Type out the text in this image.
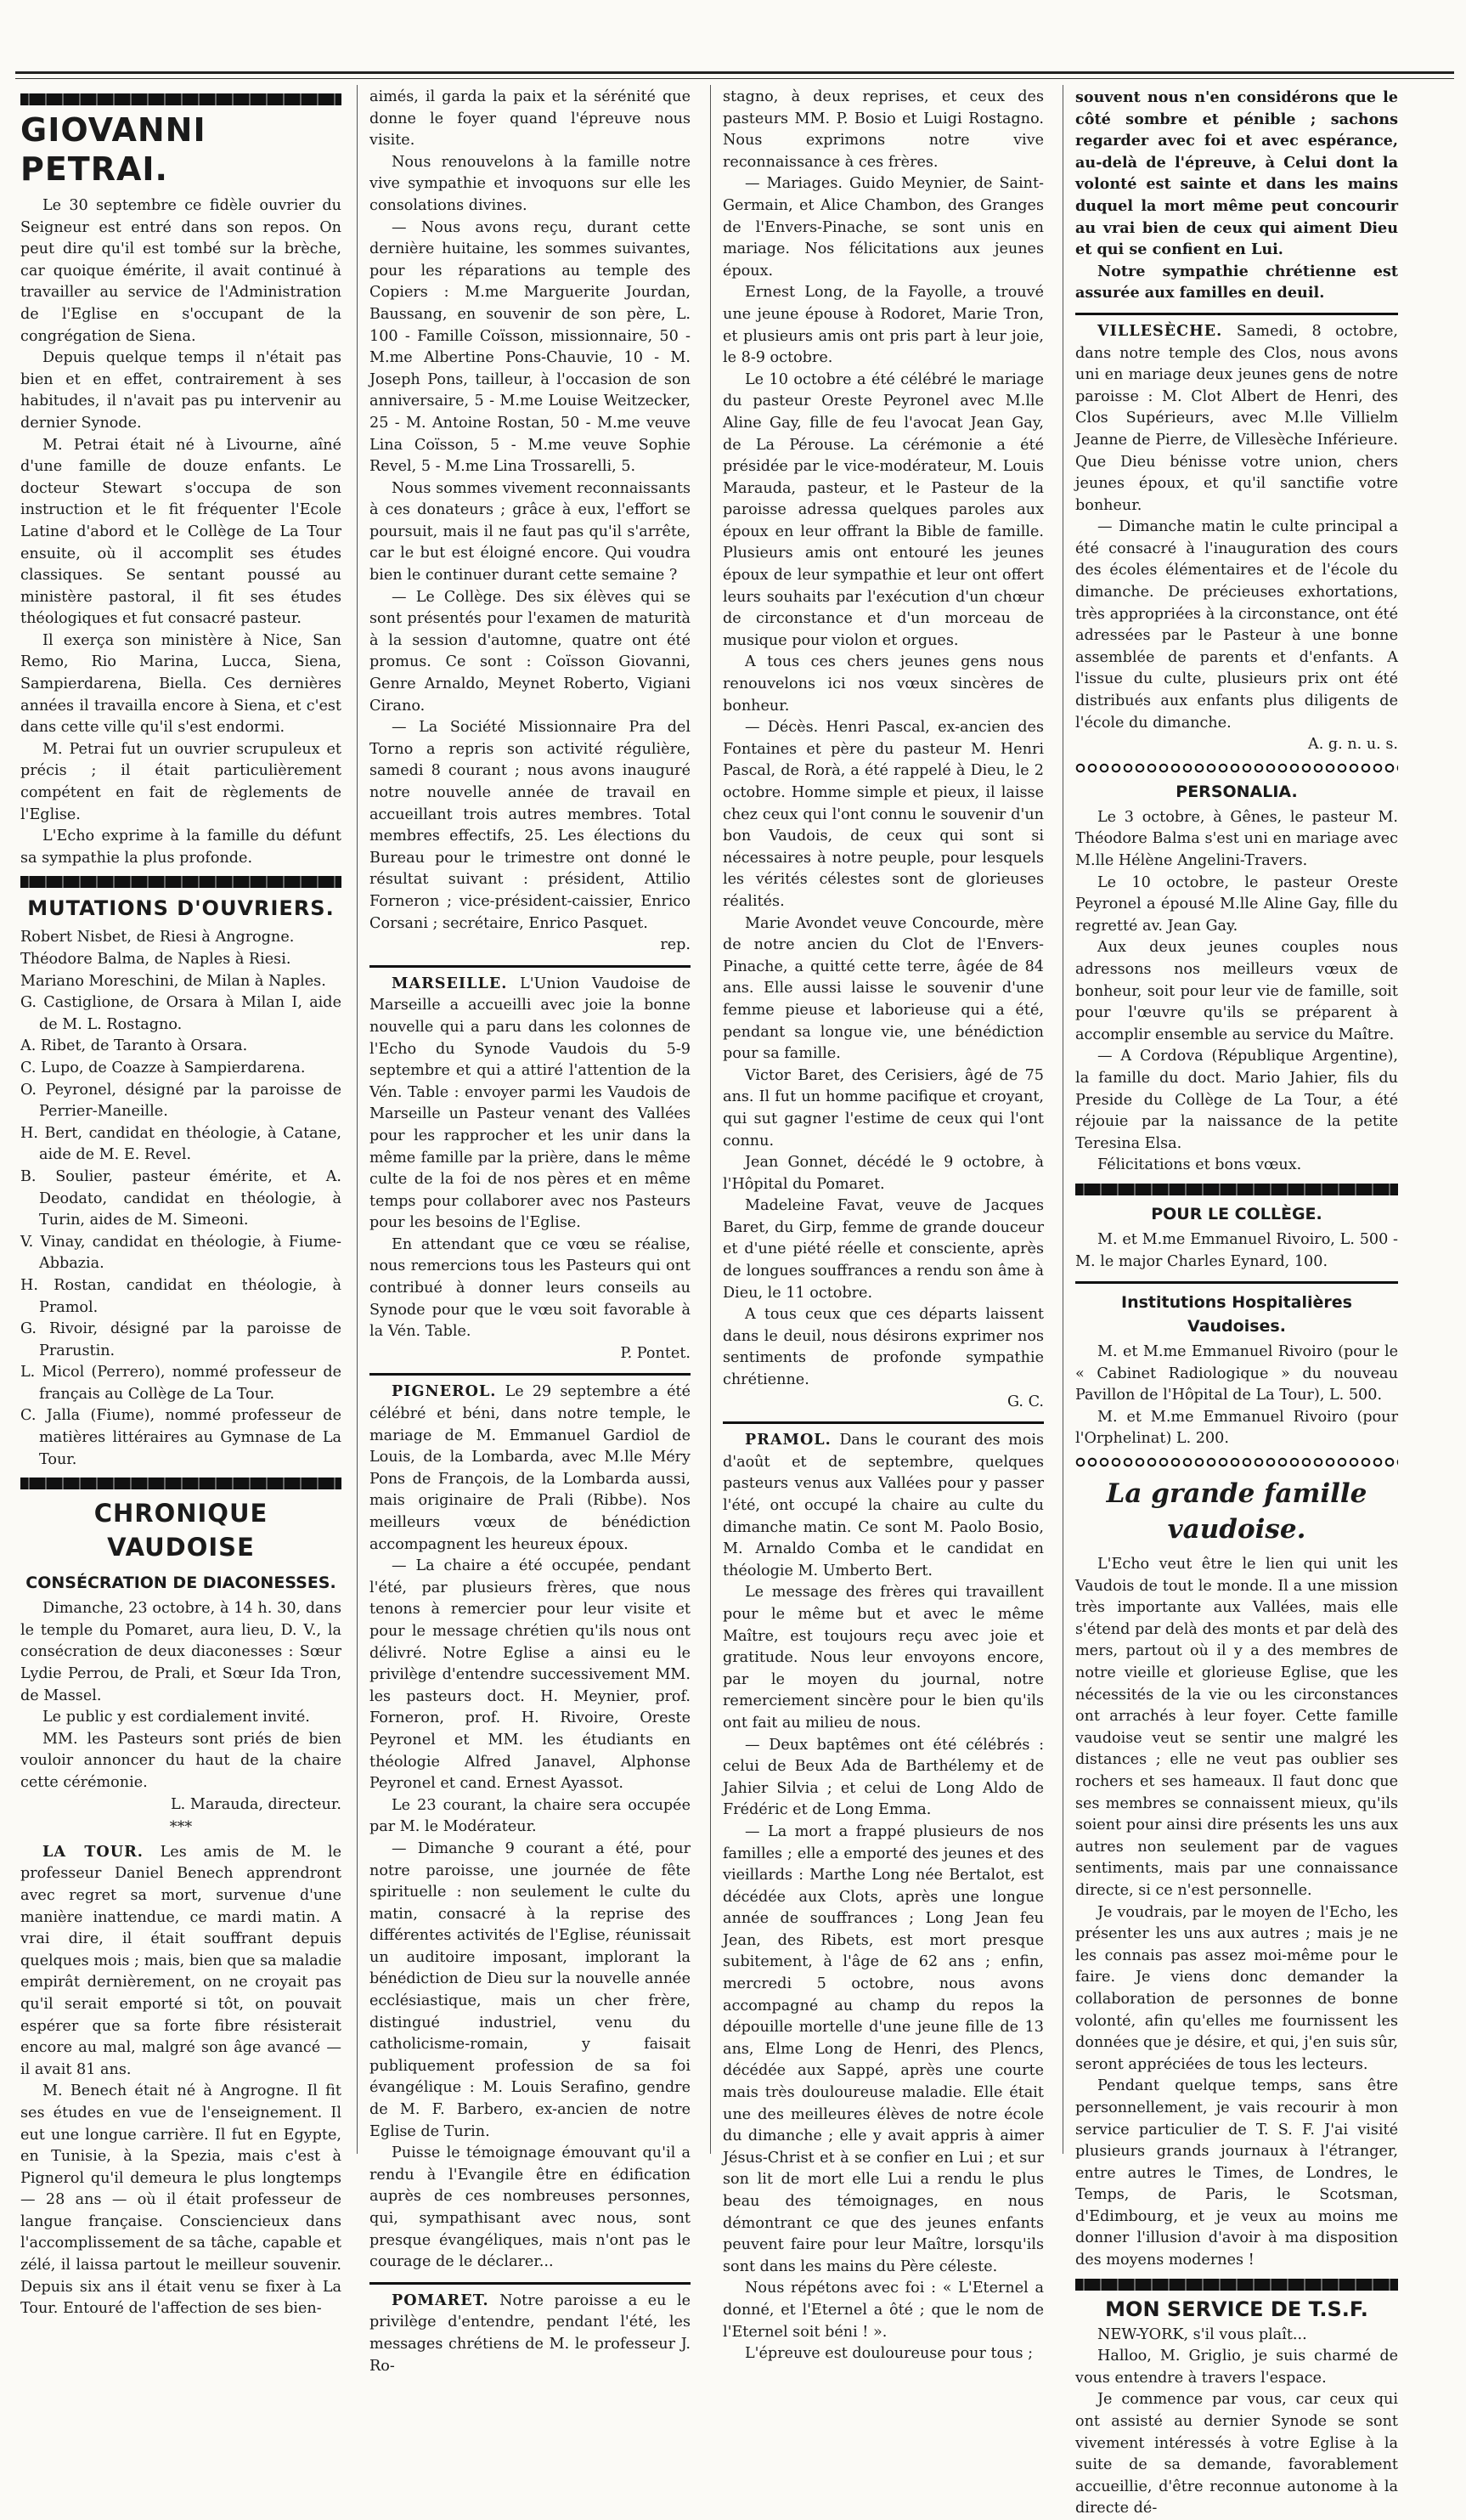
GIOVANNI PETRAI.

Le 30 septembre ce fidèle ouvrier du Seigneur est entré dans son repos. On peut dire qu'il est tombé sur la brèche, car quoique émérite, il avait continué à travailler au service de l'Administration de l'Eglise en s'occupant de la congrégation de Siena.

Depuis quelque temps il n'était pas bien et en effet, contrairement à ses habitudes, il n'avait pas pu intervenir au dernier Synode.

M. Petrai était né à Livourne, aîné d'une famille de douze enfants. Le docteur Stewart s'occupa de son instruction et le fit fréquenter l'Ecole Latine d'abord et le Collège de La Tour ensuite, où il accomplit ses études classiques. Se sentant poussé au ministère pastoral, il fit ses études théologiques et fut consacré pasteur.

Il exerça son ministère à Nice, San Remo, Rio Marina, Lucca, Siena, Sampierdarena, Biella. Ces dernières années il travailla encore à Siena, et c'est dans cette ville qu'il s'est endormi.

M. Petrai fut un ouvrier scrupuleux et précis ; il était particulièrement compétent en fait de règlements de l'Eglise.

L'Echo exprime à la famille du défunt sa sympathie la plus profonde.

MUTATIONS D'OUVRIERS.

Robert Nisbet, de Riesi à Angrogne.

Théodore Balma, de Naples à Riesi.

Mariano Moreschini, de Milan à Naples.

G. Castiglione, de Orsara à Milan I, aide de M. L. Rostagno.

A. Ribet, de Taranto à Orsara.

C. Lupo, de Coazze à Sampierdarena.

O. Peyronel, désigné par la paroisse de Perrier-Maneille.

H. Bert, candidat en théologie, à Catane, aide de M. E. Revel.

B. Soulier, pasteur émérite, et A. Deodato, candidat en théologie, à Turin, aides de M. Simeoni.

V. Vinay, candidat en théologie, à Fiume-Abbazia.

H. Rostan, candidat en théologie, à Pramol.

G. Rivoir, désigné par la paroisse de Prarustin.

L. Micol (Perrero), nommé professeur de français au Collège de La Tour.

C. Jalla (Fiume), nommé professeur de matières littéraires au Gymnase de La Tour.

CHRONIQUE VAUDOISE
CONSÉCRATION DE DIACONESSES.

Dimanche, 23 octobre, à 14 h. 30, dans le temple du Pomaret, aura lieu, D. V., la consécration de deux diaconesses : Sœur Lydie Perrou, de Prali, et Sœur Ida Tron, de Massel.

Le public y est cordialement invité.

MM. les Pasteurs sont priés de bien vouloir annoncer du haut de la chaire cette cérémonie.

L. Marauda, directeur.

***

LA TOUR. Les amis de M. le professeur Daniel Benech apprendront avec regret sa mort, survenue d'une manière inattendue, ce mardi matin. A vrai dire, il était souffrant depuis quelques mois ; mais, bien que sa maladie empirât dernièrement, on ne croyait pas qu'il serait emporté si tôt, on pouvait espérer que sa forte fibre résisterait encore au mal, malgré son âge avancé — il avait 81 ans.

M. Benech était né à Angrogne. Il fit ses études en vue de l'enseignement. Il eut une longue carrière. Il fut en Egypte, en Tunisie, à la Spezia, mais c'est à Pignerol qu'il demeura le plus longtemps — 28 ans — où il était professeur de langue française. Consciencieux dans l'accomplissement de sa tâche, capable et zélé, il laissa partout le meilleur souvenir. Depuis six ans il était venu se fixer à La Tour. Entouré de l'affection de ses bien-

aimés, il garda la paix et la sérénité que donne le foyer quand l'épreuve nous visite.

Nous renouvelons à la famille notre vive sympathie et invoquons sur elle les consolations divines.

— Nous avons reçu, durant cette dernière huitaine, les sommes suivantes, pour les réparations au temple des Copiers : M.me Marguerite Jourdan, Baussang, en souvenir de son père, L. 100 - Famille Coïsson, missionnaire, 50 - M.me Albertine Pons-Chauvie, 10 - M. Joseph Pons, tailleur, à l'occasion de son anniversaire, 5 - M.me Louise Weitzecker, 25 - M. Antoine Rostan, 50 - M.me veuve Lina Coïsson, 5 - M.me veuve Sophie Revel, 5 - M.me Lina Trossarelli, 5.

Nous sommes vivement reconnaissants à ces donateurs ; grâce à eux, l'effort se poursuit, mais il ne faut pas qu'il s'arrête, car le but est éloigné encore. Qui voudra bien le continuer durant cette semaine ?

— Le Collège. Des six élèves qui se sont présentés pour l'examen de maturità à la session d'automne, quatre ont été promus. Ce sont : Coïsson Giovanni, Genre Arnaldo, Meynet Roberto, Vigiani Cirano.

— La Société Missionnaire Pra del Torno a repris son activité régulière, samedi 8 courant ; nous avons inauguré notre nouvelle année de travail en accueillant trois autres membres. Total membres effectifs, 25. Les élections du Bureau pour le trimestre ont donné le résultat suivant : président, Attilio Forneron ; vice-président-caissier, Enrico Corsani ; secrétaire, Enrico Pasquet.

rep.

MARSEILLE. L'Union Vaudoise de Marseille a accueilli avec joie la bonne nouvelle qui a paru dans les colonnes de l'Echo du Synode Vaudois du 5-9 septembre et qui a attiré l'attention de la Vén. Table : envoyer parmi les Vaudois de Marseille un Pasteur venant des Vallées pour les rapprocher et les unir dans la même famille par la prière, dans le même culte de la foi de nos pères et en même temps pour collaborer avec nos Pasteurs pour les besoins de l'Eglise.

En attendant que ce vœu se réalise, nous remercions tous les Pasteurs qui ont contribué à donner leurs conseils au Synode pour que le vœu soit favorable à la Vén. Table.

P. Pontet.

PIGNEROL. Le 29 septembre a été célébré et béni, dans notre temple, le mariage de M. Emmanuel Gardiol de Louis, de la Lombarda, avec M.lle Méry Pons de François, de la Lombarda aussi, mais originaire de Prali (Ribbe). Nos meilleurs vœux de bénédiction accompagnent les heureux époux.

— La chaire a été occupée, pendant l'été, par plusieurs frères, que nous tenons à remercier pour leur visite et pour le message chrétien qu'ils nous ont délivré. Notre Eglise a ainsi eu le privilège d'entendre successivement MM. les pasteurs doct. H. Meynier, prof. Forneron, prof. H. Rivoire, Oreste Peyronel et MM. les étudiants en théologie Alfred Janavel, Alphonse Peyronel et cand. Ernest Ayassot.

Le 23 courant, la chaire sera occupée par M. le Modérateur.

— Dimanche 9 courant a été, pour notre paroisse, une journée de fête spirituelle : non seulement le culte du matin, consacré à la reprise des différentes activités de l'Eglise, réunissait un auditoire imposant, implorant la bénédiction de Dieu sur la nouvelle année ecclésiastique, mais un cher frère, distingué industriel, venu du catholicisme-romain, y faisait publiquement profession de sa foi évangélique : M. Louis Serafino, gendre de M. F. Barbero, ex-ancien de notre Eglise de Turin.

Puisse le témoignage émouvant qu'il a rendu à l'Evangile être en édification auprès de ces nombreuses personnes, qui, sympathisant avec nous, sont presque évangéliques, mais n'ont pas le courage de le déclarer...

POMARET. Notre paroisse a eu le privilège d'entendre, pendant l'été, les messages chrétiens de M. le professeur J. Ro-

stagno, à deux reprises, et ceux des pasteurs MM. P. Bosio et Luigi Rostagno. Nous exprimons notre vive reconnaissance à ces frères.

— Mariages. Guido Meynier, de Saint-Germain, et Alice Chambon, des Granges de l'Envers-Pinache, se sont unis en mariage. Nos félicitations aux jeunes époux.

Ernest Long, de la Fayolle, a trouvé une jeune épouse à Rodoret, Marie Tron, et plusieurs amis ont pris part à leur joie, le 8-9 octobre.

Le 10 octobre a été célébré le mariage du pasteur Oreste Peyronel avec M.lle Aline Gay, fille de feu l'avocat Jean Gay, de La Pérouse. La cérémonie a été présidée par le vice-modérateur, M. Louis Marauda, pasteur, et le Pasteur de la paroisse adressa quelques paroles aux époux en leur offrant la Bible de famille. Plusieurs amis ont entouré les jeunes époux de leur sympathie et leur ont offert leurs souhaits par l'exécution d'un chœur de circonstance et d'un morceau de musique pour violon et orgues.

A tous ces chers jeunes gens nous renouvelons ici nos vœux sincères de bonheur.

— Décès. Henri Pascal, ex-ancien des Fontaines et père du pasteur M. Henri Pascal, de Rorà, a été rappelé à Dieu, le 2 octobre. Homme simple et pieux, il laisse chez ceux qui l'ont connu le souvenir d'un bon Vaudois, de ceux qui sont si nécessaires à notre peuple, pour lesquels les vérités célestes sont de glorieuses réalités.

Marie Avondet veuve Concourde, mère de notre ancien du Clot de l'Envers-Pinache, a quitté cette terre, âgée de 84 ans. Elle aussi laisse le souvenir d'une femme pieuse et laborieuse qui a été, pendant sa longue vie, une bénédiction pour sa famille.

Victor Baret, des Cerisiers, âgé de 75 ans. Il fut un homme pacifique et croyant, qui sut gagner l'estime de ceux qui l'ont connu.

Jean Gonnet, décédé le 9 octobre, à l'Hôpital du Pomaret.

Madeleine Favat, veuve de Jacques Baret, du Girp, femme de grande douceur et d'une piété réelle et consciente, après de longues souffrances a rendu son âme à Dieu, le 11 octobre.

A tous ceux que ces départs laissent dans le deuil, nous désirons exprimer nos sentiments de profonde sympathie chrétienne.

G. C.

PRAMOL. Dans le courant des mois d'août et de septembre, quelques pasteurs venus aux Vallées pour y passer l'été, ont occupé la chaire au culte du dimanche matin. Ce sont M. Paolo Bosio, M. Arnaldo Comba et le candidat en théologie M. Umberto Bert.

Le message des frères qui travaillent pour le même but et avec le même Maître, est toujours reçu avec joie et gratitude. Nous leur envoyons encore, par le moyen du journal, notre remerciement sincère pour le bien qu'ils ont fait au milieu de nous.

— Deux baptêmes ont été célébrés : celui de Beux Ada de Barthélemy et de Jahier Silvia ; et celui de Long Aldo de Frédéric et de Long Emma.

— La mort a frappé plusieurs de nos familles ; elle a emporté des jeunes et des vieillards : Marthe Long née Bertalot, est décédée aux Clots, après une longue année de souffrances ; Long Jean feu Jean, des Ribets, est mort presque subitement, à l'âge de 62 ans ; enfin, mercredi 5 octobre, nous avons accompagné au champ du repos la dépouille mortelle d'une jeune fille de 13 ans, Elme Long de Henri, des Plencs, décédée aux Sappé, après une courte mais très douloureuse maladie. Elle était une des meilleures élèves de notre école du dimanche ; elle y avait appris à aimer Jésus-Christ et à se confier en Lui ; et sur son lit de mort elle Lui a rendu le plus beau des témoignages, en nous démontrant ce que des jeunes enfants peuvent faire pour leur Maître, lorsqu'ils sont dans les mains du Père céleste.

Nous répétons avec foi : « L'Eternel a donné, et l'Eternel a ôté ; que le nom de l'Eternel soit béni ! ».

L'épreuve est douloureuse pour tous ;

souvent nous n'en considérons que le côté sombre et pénible ; sachons regarder avec foi et avec espérance, au-delà de l'épreuve, à Celui dont la volonté est sainte et dans les mains duquel la mort même peut concourir au vrai bien de ceux qui aiment Dieu et qui se confient en Lui.

Notre sympathie chrétienne est assurée aux familles en deuil.

VILLESÈCHE. Samedi, 8 octobre, dans notre temple des Clos, nous avons uni en mariage deux jeunes gens de notre paroisse : M. Clot Albert de Henri, des Clos Supérieurs, avec M.lle Villielm Jeanne de Pierre, de Villesèche Inférieure. Que Dieu bénisse votre union, chers jeunes époux, et qu'il sanctifie votre bonheur.

— Dimanche matin le culte principal a été consacré à l'inauguration des cours des écoles élémentaires et de l'école du dimanche. De précieuses exhortations, très appropriées à la circonstance, ont été adressées par le Pasteur à une bonne assemblée de parents et d'enfants. A l'issue du culte, plusieurs prix ont été distribués aux enfants plus diligents de l'école du dimanche.

A. g. n. u. s.

PERSONALIA.

Le 3 octobre, à Gênes, le pasteur M. Théodore Balma s'est uni en mariage avec M.lle Hélène Angelini-Travers.

Le 10 octobre, le pasteur Oreste Peyronel a épousé M.lle Aline Gay, fille du regretté av. Jean Gay.

Aux deux jeunes couples nous adressons nos meilleurs vœux de bonheur, soit pour leur vie de famille, soit pour l'œuvre qu'ils se préparent à accomplir ensemble au service du Maître.

— A Cordova (République Argentine), la famille du doct. Mario Jahier, fils du Preside du Collège de La Tour, a été réjouie par la naissance de la petite Teresina Elsa.

Félicitations et bons vœux.

POUR LE COLLÈGE.

M. et M.me Emmanuel Rivoiro, L. 500 - M. le major Charles Eynard, 100.

Institutions Hospitalières Vaudoises.

M. et M.me Emmanuel Rivoiro (pour le « Cabinet Radiologique » du nouveau Pavillon de l'Hôpital de La Tour), L. 500.

M. et M.me Emmanuel Rivoiro (pour l'Orphelinat) L. 200.

La grande famille vaudoise.

L'Echo veut être le lien qui unit les Vaudois de tout le monde. Il a une mission très importante aux Vallées, mais elle s'étend par delà des monts et par delà des mers, partout où il y a des membres de notre vieille et glorieuse Eglise, que les nécessités de la vie ou les circonstances ont arrachés à leur foyer. Cette famille vaudoise veut se sentir une malgré les distances ; elle ne veut pas oublier ses rochers et ses hameaux. Il faut donc que ses membres se connaissent mieux, qu'ils soient pour ainsi dire présents les uns aux autres non seulement par de vagues sentiments, mais par une connaissance directe, si ce n'est personnelle.

Je voudrais, par le moyen de l'Echo, les présenter les uns aux autres ; mais je ne les connais pas assez moi-même pour le faire. Je viens donc demander la collaboration de personnes de bonne volonté, afin qu'elles me fournissent les données que je désire, et qui, j'en suis sûr, seront appréciées de tous les lecteurs.

Pendant quelque temps, sans être personnellement, je vais recourir à mon service particulier de T. S. F. J'ai visité plusieurs grands journaux à l'étranger, entre autres le Times, de Londres, le Temps, de Paris, le Scotsman, d'Edimbourg, et je veux au moins me donner l'illusion d'avoir à ma disposition des moyens modernes !

MON SERVICE DE T.S.F.

NEW-YORK, s'il vous plaît...

Halloo, M. Griglio, je suis charmé de vous entendre à travers l'espace.

Je commence par vous, car ceux qui ont assisté au dernier Synode se sont vivement intéressés à votre Eglise à la suite de sa demande, favorablement accueillie, d'être reconnue autonome à la directe dé-
